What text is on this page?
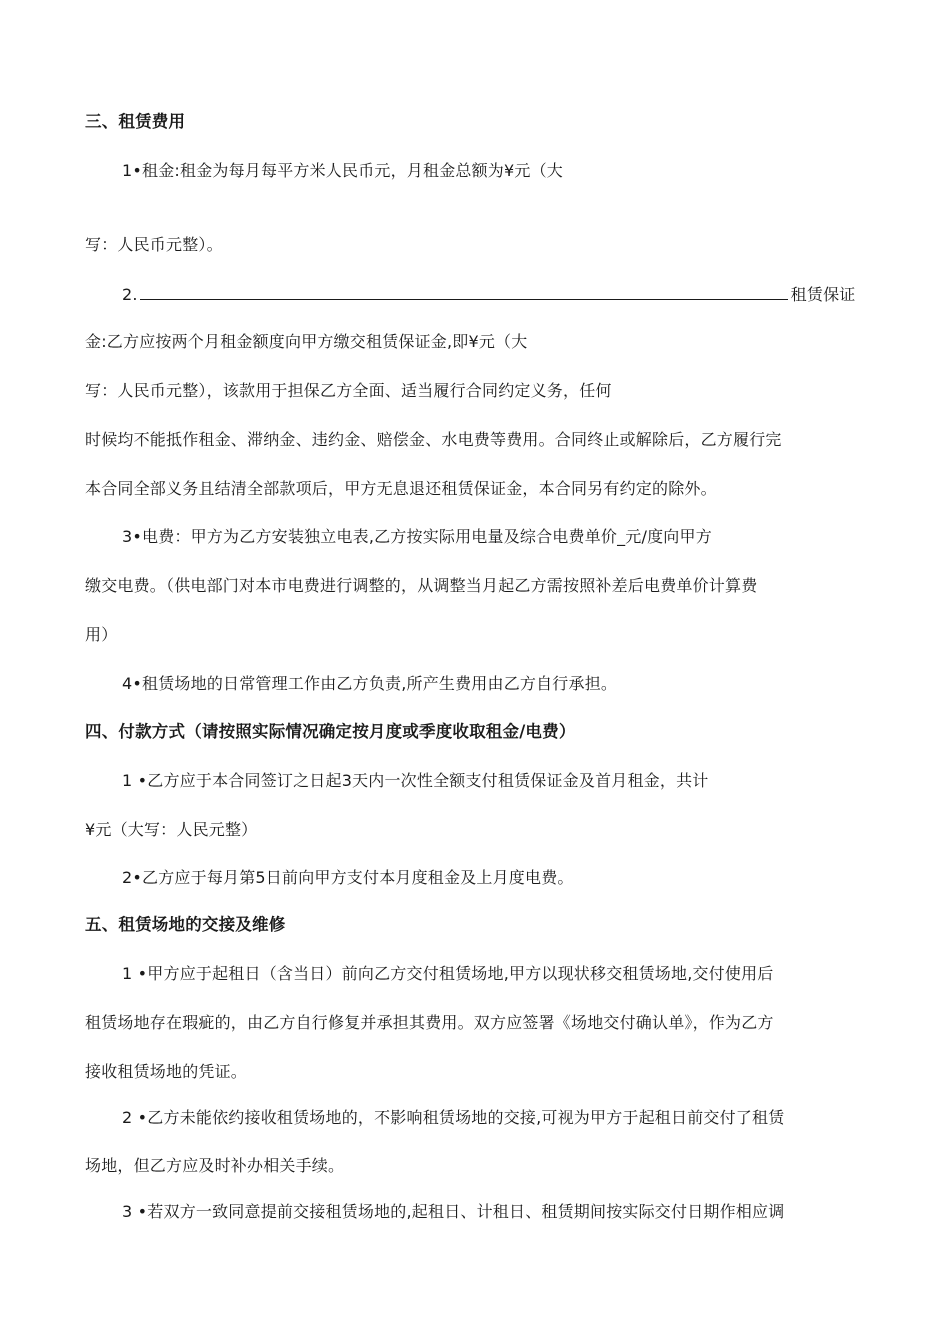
三、租赁费用
1•租金:租金为每月每平方米人民币元，月租金总额为¥元（大
写：人民币元整）。
2.	租赁保证
金:乙方应按两个月租金额度向甲方缴交租赁保证金,即¥元（大
写：人民币元整），该款用于担保乙方全面、适当履行合同约定义务，任何
时候均不能抵作租金、滞纳金、违约金、赔偿金、水电费等费用。合同终止或解除后，乙方履行完
本合同全部义务且结清全部款项后，甲方无息退还租赁保证金，本合同另有约定的除外。
3•电费：甲方为乙方安装独立电表,乙方按实际用电量及综合电费单价_元/度向甲方
缴交电费。（供电部门对本市电费进行调整的，从调整当月起乙方需按照补差后电费单价计算费
用）
4•租赁场地的日常管理工作由乙方负责,所产生费用由乙方自行承担。
四、付款方式（请按照实际情况确定按月度或季度收取租金/电费）
1 •乙方应于本合同签订之日起3天内一次性全额支付租赁保证金及首月租金，共计
¥元（大写：人民元整）
2•乙方应于每月第5日前向甲方支付本月度租金及上月度电费。
五、租赁场地的交接及维修
1 •甲方应于起租日（含当日）前向乙方交付租赁场地,甲方以现状移交租赁场地,交付使用后
租赁场地存在瑕疵的，由乙方自行修复并承担其费用。双方应签署《场地交付确认单》，作为乙方
接收租赁场地的凭证。
2 •乙方未能依约接收租赁场地的，不影响租赁场地的交接,可视为甲方于起租日前交付了租赁
场地，但乙方应及时补办相关手续。
3 •若双方一致同意提前交接租赁场地的,起租日、计租日、租赁期间按实际交付日期作相应调
